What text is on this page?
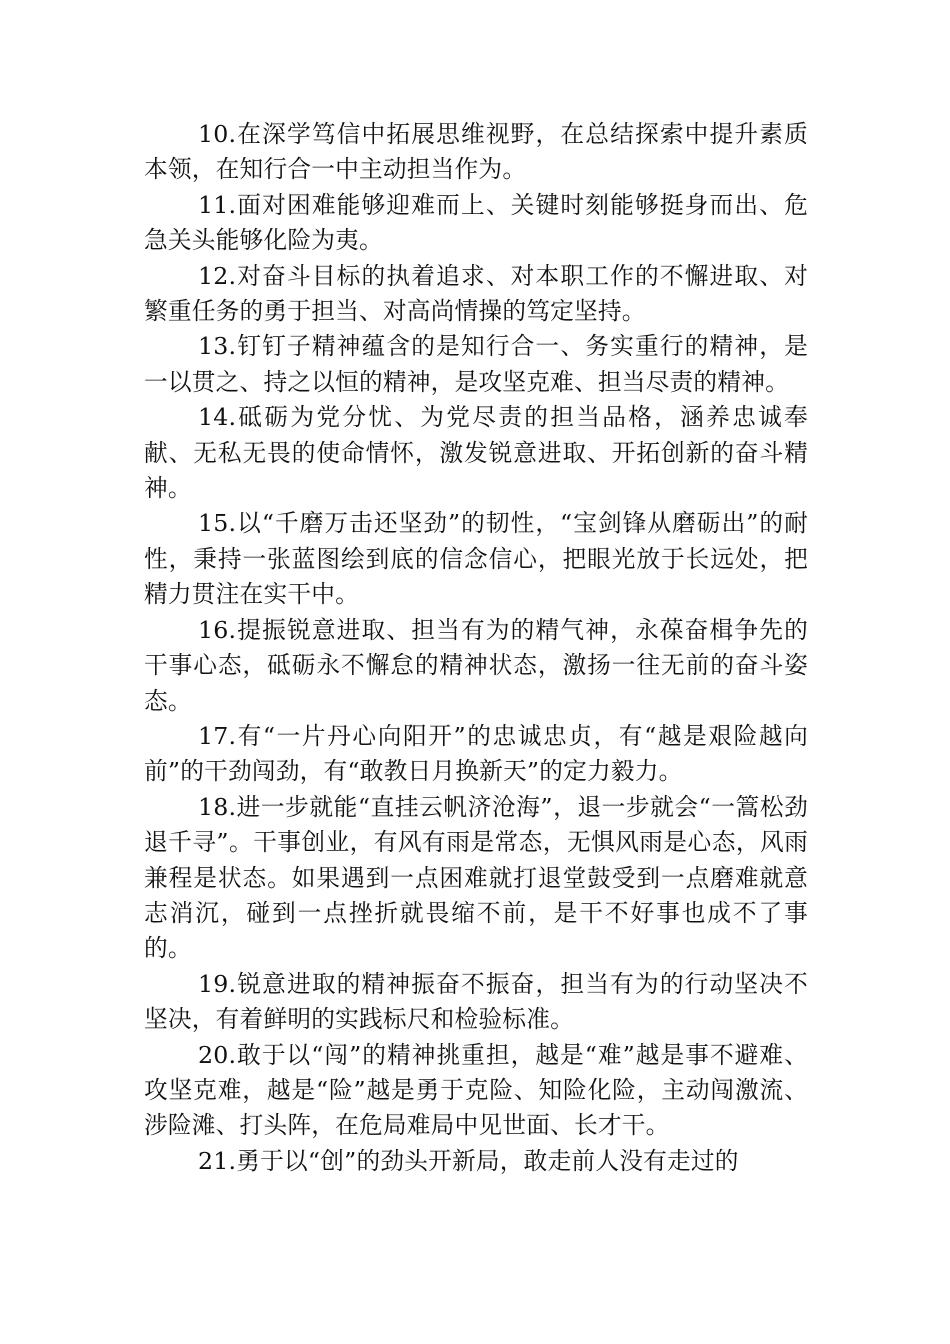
10.在深学笃信中拓展思维视野，在总结探索中提升素质本领，在知行合一中主动担当作为。

11.面对困难能够迎难而上、关键时刻能够挺身而出、危急关头能够化险为夷。

12.对奋斗目标的执着追求、对本职工作的不懈进取、对繁重任务的勇于担当、对高尚情操的笃定坚持。

13.钉钉子精神蕴含的是知行合一、务实重行的精神，是一以贯之、持之以恒的精神，是攻坚克难、担当尽责的精神。

14.砥砺为党分忧、为党尽责的担当品格，涵养忠诚奉献、无私无畏的使命情怀，激发锐意进取、开拓创新的奋斗精神。

15.以“千磨万击还坚劲”的韧性，“宝剑锋从磨砺出”的耐性，秉持一张蓝图绘到底的信念信心，把眼光放于长远处，把精力贯注在实干中。

16.提振锐意进取、担当有为的精气神，永葆奋楫争先的干事心态，砥砺永不懈怠的精神状态，激扬一往无前的奋斗姿态。

17.有“一片丹心向阳开”的忠诚忠贞，有“越是艰险越向前”的干劲闯劲，有“敢教日月换新天”的定力毅力。

18.进一步就能“直挂云帆济沧海”，退一步就会“一篙松劲退千寻”。干事创业，有风有雨是常态，无惧风雨是心态，风雨兼程是状态。如果遇到一点困难就打退堂鼓受到一点磨难就意志消沉，碰到一点挫折就畏缩不前，是干不好事也成不了事的。

19.锐意进取的精神振奋不振奋，担当有为的行动坚决不坚决，有着鲜明的实践标尺和检验标准。

20.敢于以“闯”的精神挑重担，越是“难”越是事不避难、攻坚克难，越是“险”越是勇于克险、知险化险，主动闯激流、涉险滩、打头阵，在危局难局中见世面、长才干。

21.勇于以“创”的劲头开新局，敢走前人没有走过的
